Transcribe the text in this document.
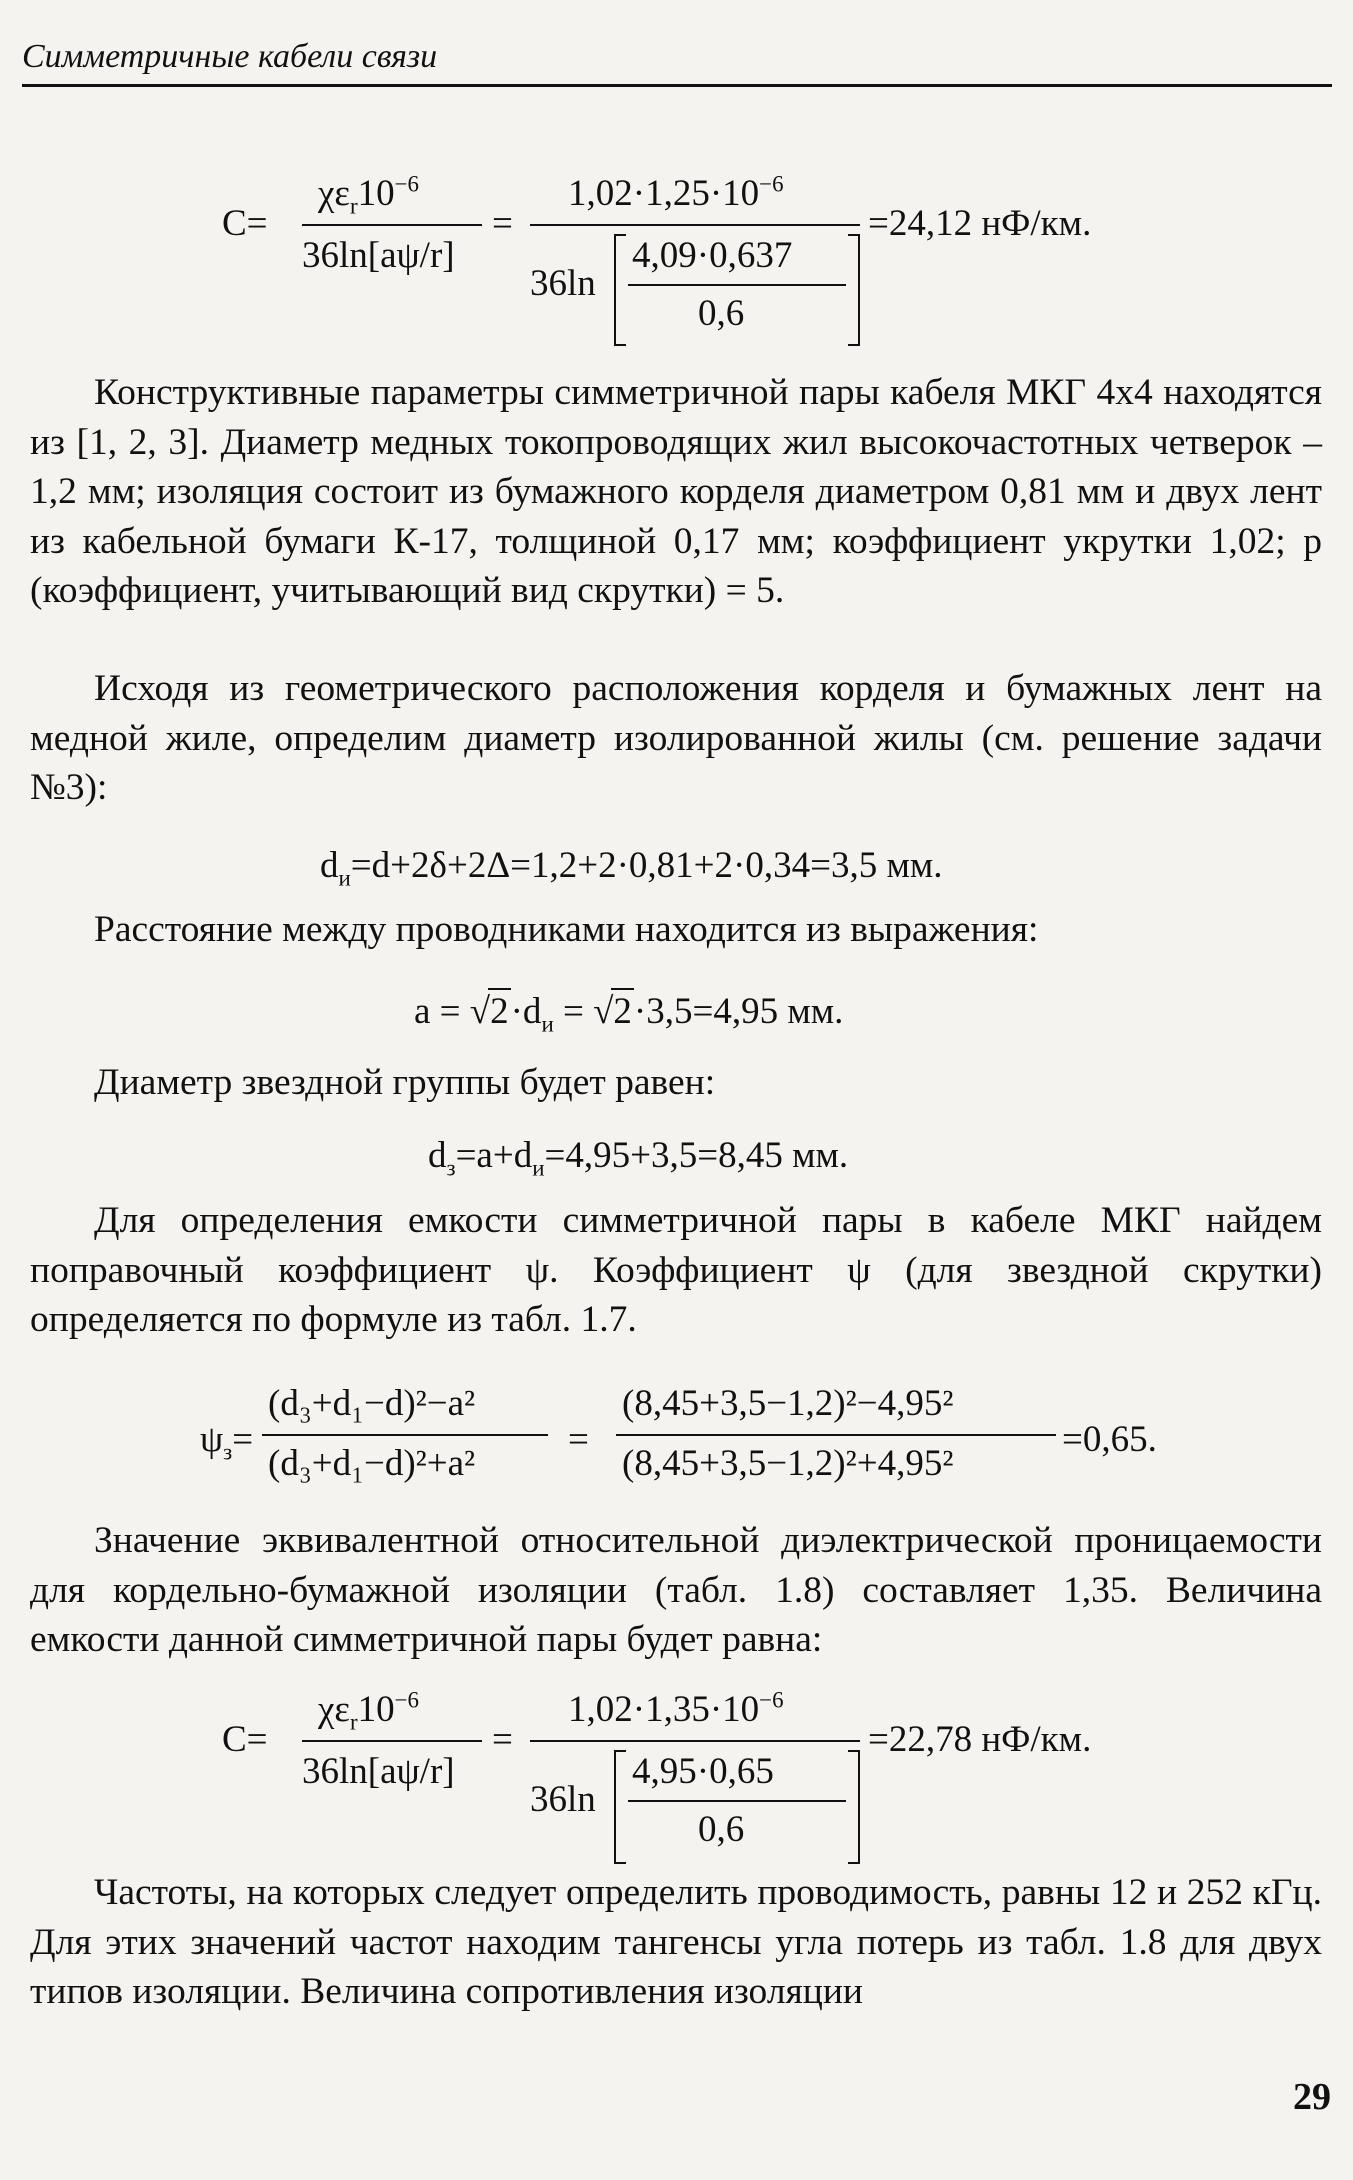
Симметричные кабели связи
C=
$\chi\varepsilon_r10^{-6}$
36ln[aψ/r]
=
$1,02\cdot 1,25\cdot 10^{-6}$
36ln
4,09·0,637
0,6
=24,12 нФ/км.

Конструктивные параметры симметричной пары кабеля МКГ 4х4 находятся из [1, 2, 3]. Диаметр медных токопроводящих жил высокочастотных четверок – 1,2 мм; изоляция состоит из бумажного корделя диаметром 0,81 мм и двух лент из кабельной бумаги К-17, толщиной 0,17 мм; коэффициент укрутки 1,02; р (коэффициент, учитывающий вид скрутки) = 5.

Исходя из геометрического расположения корделя и бумажных лент на медной жиле, определим диаметр изолированной жилы (см. решение задачи №3):

$d_и=d+2\delta+2\Delta=1,2+2\cdot 0,81+2\cdot 0,34=3,5$ мм.

Расстояние между проводниками находится из выражения:

$a = √2\cdot d_и = √2\cdot 3,5=4,95$ мм.

Диаметр звездной группы будет равен:

$d_з=a+d_и=4,95+3,5=8,45$ мм.

Для определения емкости симметричной пары в кабеле МКГ найдем поправочный коэффициент ψ. Коэффициент ψ (для звездной скрутки) определяется по формуле из табл. 1.7.

$\psi_з=$
(d₃+d₁−d)²−a²
(d₃+d₁−d)²+a²
=
(8,45+3,5−1,2)²−4,95²
(8,45+3,5−1,2)²+4,95²
=0,65.

Значение эквивалентной относительной диэлектрической проницаемости для кордельно-бумажной изоляции (табл. 1.8) составляет 1,35. Величина емкости данной симметричной пары будет равна:

C=
$\chi\varepsilon_r10^{-6}$
36ln[aψ/r]
=
$1,02\cdot 1,35\cdot 10^{-6}$
36ln
4,95·0,65
0,6
=22,78 нФ/км.

Частоты, на которых следует определить проводимость, равны 12 и 252 кГц. Для этих значений частот находим тангенсы угла потерь из табл. 1.8 для двух типов изоляции. Величина сопротивления изоляции

29
